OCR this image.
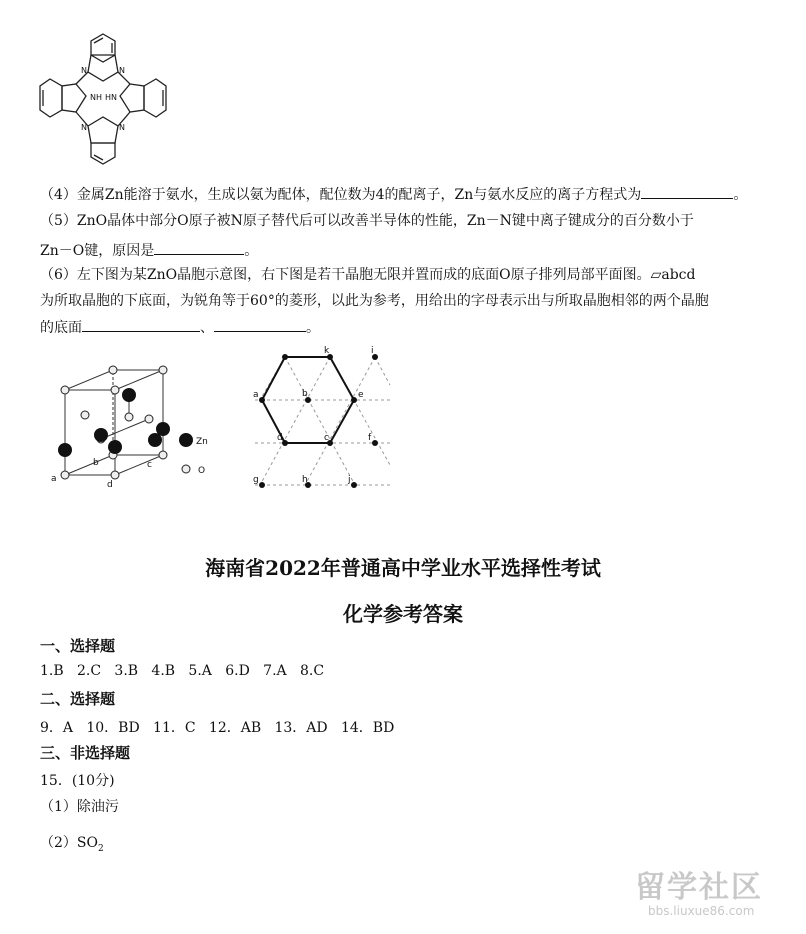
N	N
N	N
NH HN
（4）金属Zn能溶于氨水，生成以氨为配体，配位数为4的配离子，Zn与氨水反应的离子方程式为	。
（5）ZnO晶体中部分O原子被N原子替代后可以改善半导体的性能，Zn－N键中离子键成分的百分数小于
Zn－O键，原因是	。
（6）左下图为某ZnO晶胞示意图，右下图是若干晶胞无限并置而成的底面O原子排列局部平面图。▱abcd
为所取晶胞的下底面，为锐角等于60°的菱形，以此为参考，用给出的字母表示出与所取晶胞相邻的两个晶胞
的底面	、	。
a
b	c
d
Zn
O
k	i
a	b	e
d	c	f
g	h	j
海南省2022年普通高中学业水平选择性考试
化学参考答案
一、选择题
1.B   2.C   3.B   4.B   5.A   6.D   7.A   8.C
二、选择题
9．A   10．BD   11．C   12．AB   13．AD   14．BD
三、非选择题
15．(10分)
（1）除油污
$(2)SO_2$
留学社区
bbs.liuxue86.com
